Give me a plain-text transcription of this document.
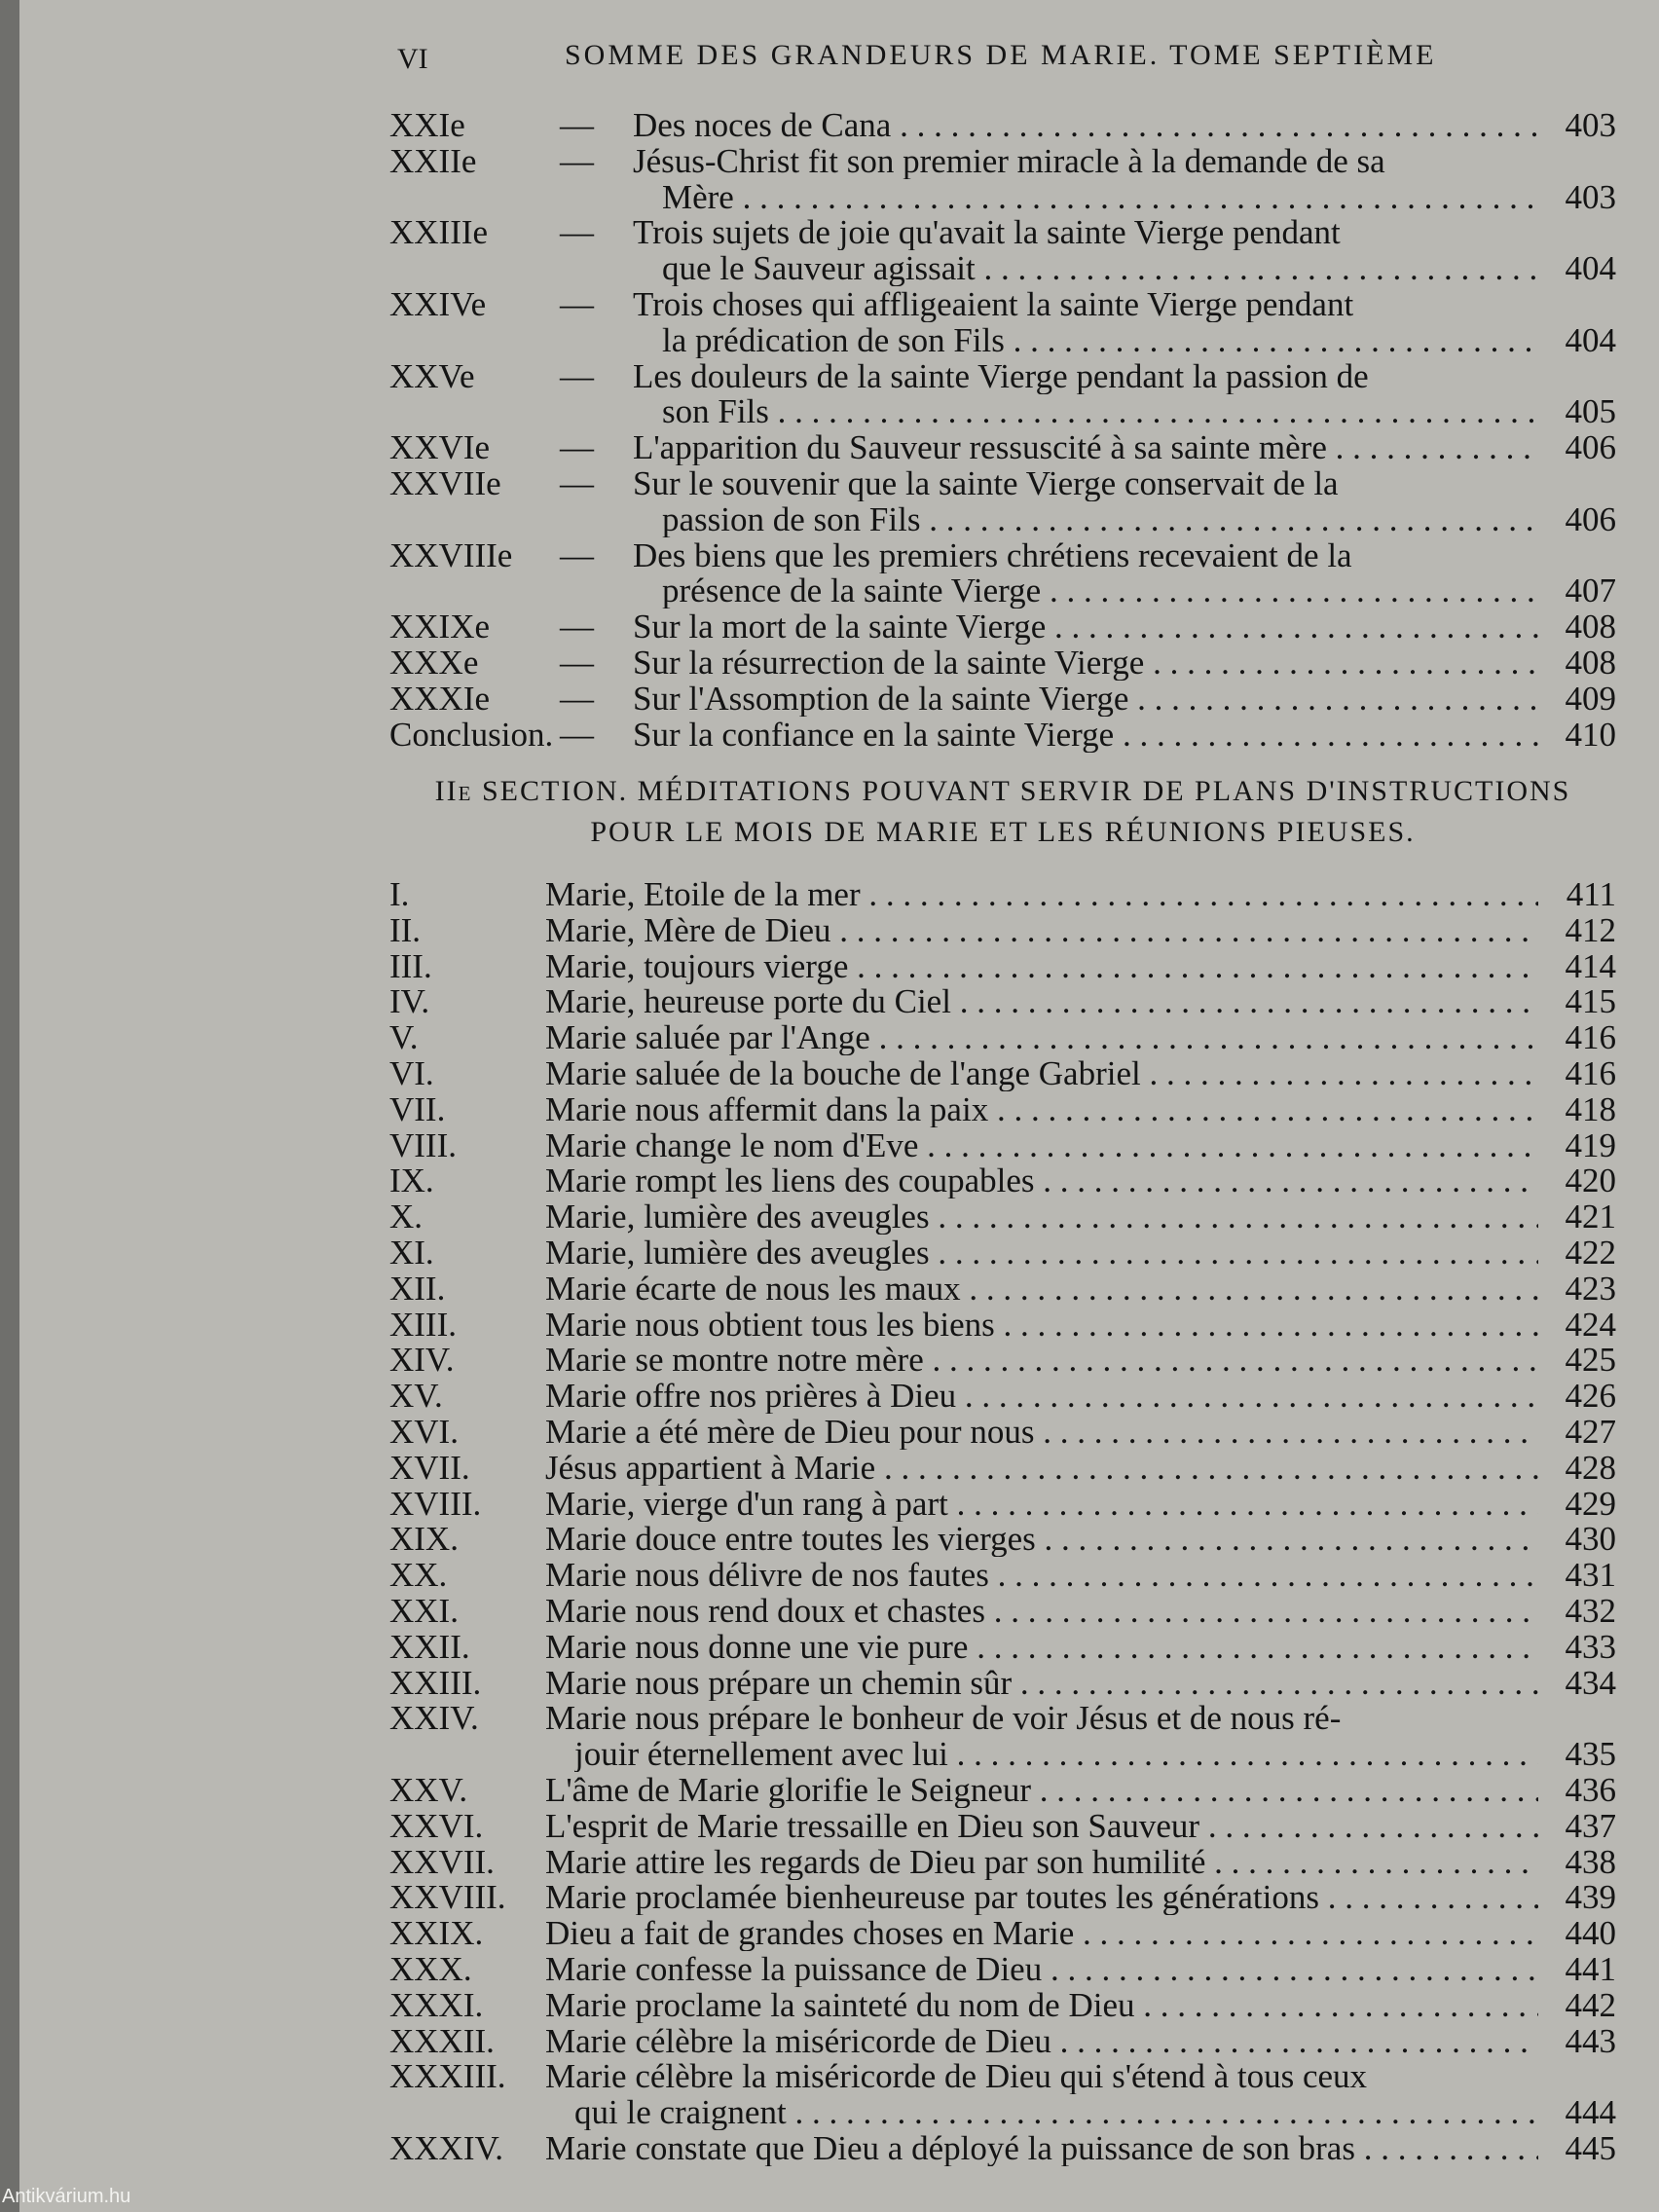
VI	SOMME DES GRANDEURS DE MARIE. TOME SEPTIÈME
XXIe	— Des noces de Cana . . .	403
XXIIe — Jésus-Christ fit son premier miracle à la demande de sa
Mère . . .	403
XXIIIe — Trois sujets de joie qu'avait la sainte Vierge pendant
que le Sauveur agissait . . .	404
XXIVe — Trois choses qui affligeaient la sainte Vierge pendant
la prédication de son Fils . . .	404
XXVe	— Les douleurs de la sainte Vierge pendant la passion de
son Fils . . .	405
XXVIe — L'apparition du Sauveur ressuscité à sa sainte mère . . .	406
XXVIIe — Sur le souvenir que la sainte Vierge conservait de la
passion de son Fils . . .	406
XXVIIIe — Des biens que les premiers chrétiens recevaient de la
présence de la sainte Vierge . . .	407
XXIXe — Sur la mort de la sainte Vierge . . .	408
XXXe — Sur la résurrection de la sainte Vierge . . .	408
XXXIe — Sur l'Assomption de la sainte Vierge . . .	409
Conclusion. — Sur la confiance en la sainte Vierge . . .	410
IIe SECTION. MÉDITATIONS POUVANT SERVIR DE PLANS D'INSTRUCTIONS
POUR LE MOIS DE MARIE ET LES RÉUNIONS PIEUSES.
I.	Marie, Etoile de la mer . . .	411
II.	Marie, Mère de Dieu . . .	412
III.	Marie, toujours vierge . . .	414
IV.	Marie, heureuse porte du Ciel . . .	415
V.	Marie saluée par l'Ange . . .	416
VI.	Marie saluée de la bouche de l'ange Gabriel . . .	416
VII.	Marie nous affermit dans la paix . . .	418
VIII.	Marie change le nom d'Eve . . .	419
IX.	Marie rompt les liens des coupables . . .	420
X.	Marie, lumière des aveugles . . .	421
XI.	Marie, lumière des aveugles . . .	422
XII.	Marie écarte de nous les maux . . .	423
XIII.	Marie nous obtient tous les biens . . .	424
XIV.	Marie se montre notre mère . . .	425
XV.	Marie offre nos prières à Dieu . . .	426
XVI.	Marie a été mère de Dieu pour nous . . .	427
XVII. Jésus appartient à Marie . . .	428
XVIII. Marie, vierge d'un rang à part . . .	429
XIX.	Marie douce entre toutes les vierges . . .	430
XX.	Marie nous délivre de nos fautes . . .	431
XXI.	Marie nous rend doux et chastes . . .	432
XXII. Marie nous donne une vie pure . . .	433
XXIII. Marie nous prépare un chemin sûr . . .	434
XXIV. Marie nous prépare le bonheur de voir Jésus et de nous ré-
jouir éternellement avec lui . . .	435
XXV. L'âme de Marie glorifie le Seigneur . . .	436
XXVI. L'esprit de Marie tressaille en Dieu son Sauveur . . .	437
XXVII. Marie attire les regards de Dieu par son humilité . . .	438
XXVIII. Marie proclamée bienheureuse par toutes les générations . . .	439
XXIX. Dieu a fait de grandes choses en Marie . . .	440
XXX. Marie confesse la puissance de Dieu . . .	441
XXXI. Marie proclame la sainteté du nom de Dieu . . .	442
XXXII. Marie célèbre la miséricorde de Dieu . . .	443
XXXIII. Marie célèbre la miséricorde de Dieu qui s'étend à tous ceux
qui le craignent . . .	444
XXXIV. Marie constate que Dieu a déployé la puissance de son bras . . .	445
Antikvárium.hu
